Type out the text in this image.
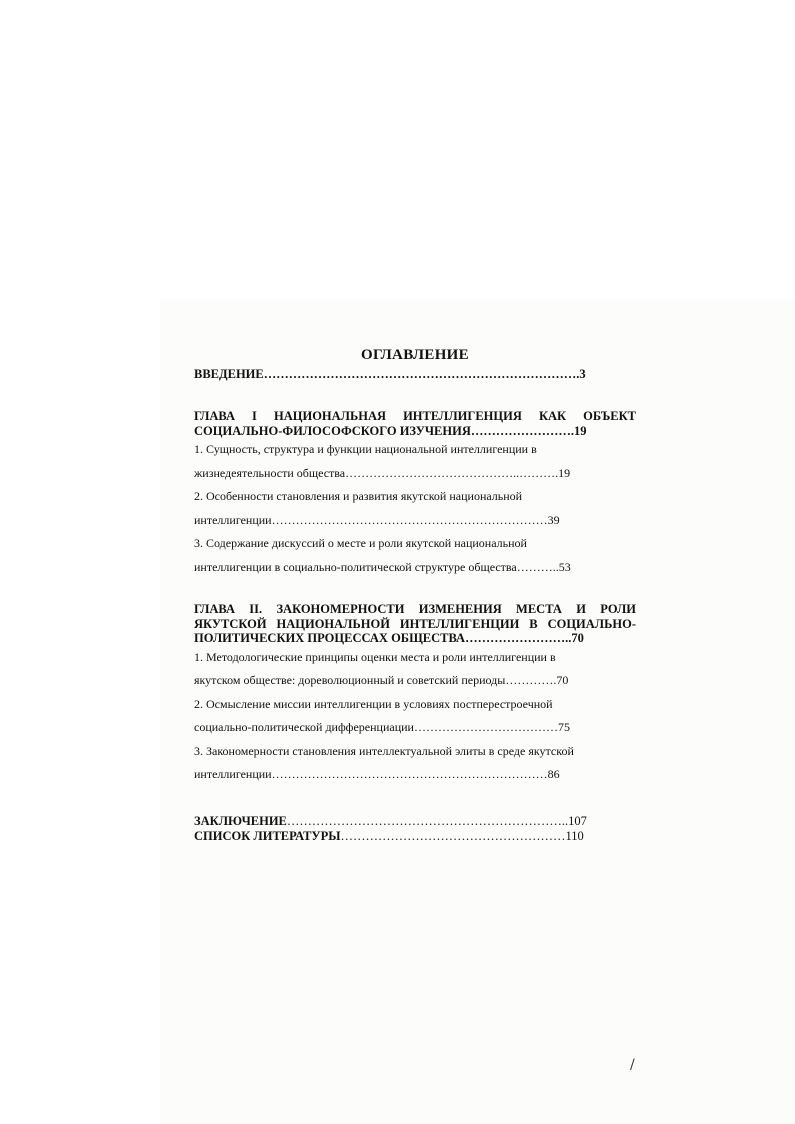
ОГЛАВЛЕНИЕ
ВВЕДЕНИЕ………………………………………………………………….3
ГЛАВА I НАЦИОНАЛЬНАЯ ИНТЕЛЛИГЕНЦИЯ КАК ОБЪЕКТ
СОЦИАЛЬНО-ФИЛОСОФСКОГО ИЗУЧЕНИЯ…………………….19
1. Сущность, структура и функции национальной интеллигенции в
жизнедеятельности общества……………………………………..……….19
2. Особенности становления и развития якутской национальной
интеллигенции……………………………………………………………39
3. Содержание дискуссий о месте и роли якутской национальной
интеллигенции в социально-политической структуре общества………..53
ГЛАВА II. ЗАКОНОМЕРНОСТИ ИЗМЕНЕНИЯ МЕСТА И РОЛИ
ЯКУТСКОЙ НАЦИОНАЛЬНОЙ ИНТЕЛЛИГЕНЦИИ В СОЦИАЛЬНО-
ПОЛИТИЧЕСКИХ ПРОЦЕССАХ ОБЩЕСТВА……………………..70
1. Методологические принципы оценки места и роли интеллигенции в
якутском обществе: дореволюционный и советский периоды………….70
2. Осмысление миссии интеллигенции в условиях постперестроечной
социально-политической дифференциации………………………………75
3. Закономерности становления интеллектуальной элиты в среде якутской
интеллигенции……………………………………………………………86
ЗАКЛЮЧЕНИЕ…………………………………………………………..107
СПИСОК ЛИТЕРАТУРЫ………………………………………………110
/
